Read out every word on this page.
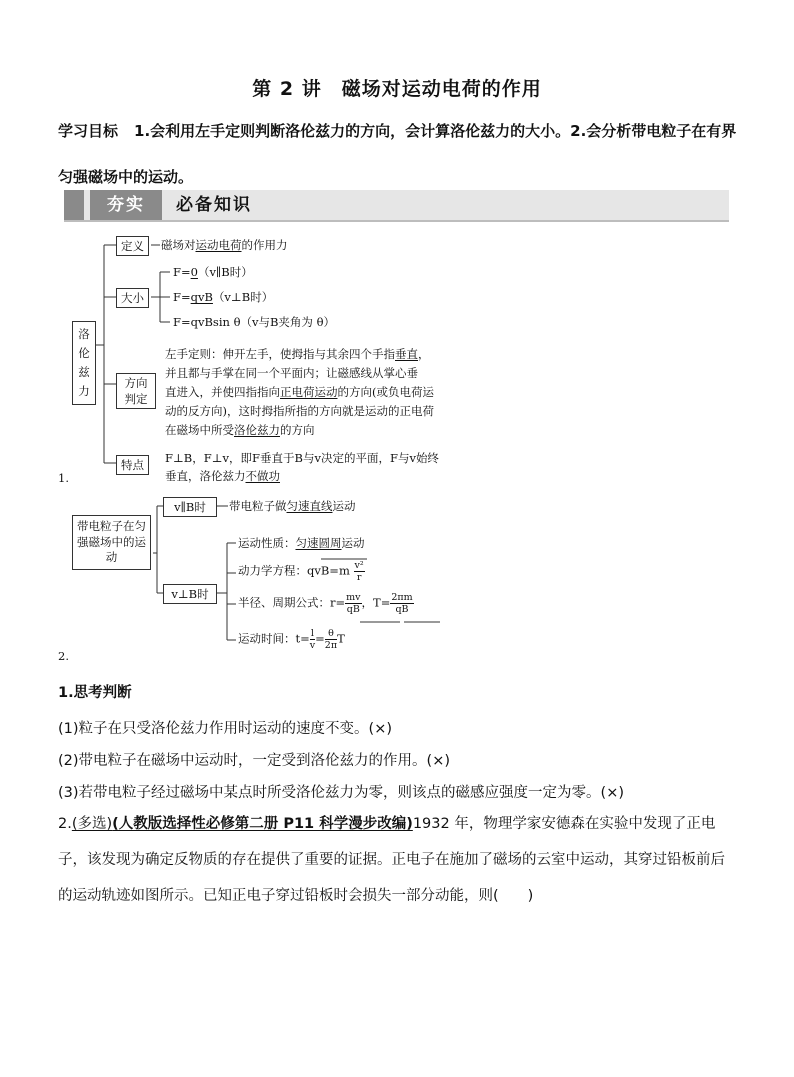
第 2 讲 磁场对运动电荷的作用
学习目标 1.会利用左手定则判断洛伦兹力的方向，会计算洛伦兹力的大小。2.会分析带电粒子在有界匀强磁场中的运动。
夯实	必备知识
1.
洛伦兹力
定义	磁场对运动电荷的作用力
大小
F=0（v∥B时）
F=qvB（v⊥B时）
F=qvBsin θ（v与B夹角为 θ）
方向判定
左手定则：伸开左手，使拇指与其余四个手指垂直，
并且都与手掌在同一个平面内；让磁感线从掌心垂
直进入，并使四指指向正电荷运动的方向(或负电荷运
动的反方向)，这时拇指所指的方向就是运动的正电荷
在磁场中所受洛伦兹力的方向
特点	F⊥B，F⊥v，即F垂直于B与v决定的平面，F与v始终
垂直，洛伦兹力不做功
带电粒子在匀强磁场中的运动
v∥B时	带电粒子做匀速直线运动
v⊥B时
运动性质：匀速圆周运动
动力学方程：$qvB=m \frac{\text{v²}}{r}$
半径、周期公式：$r= \frac{mv}{qB}$ ，$T= \frac{2\pi m}{qB}$
运动时间：$t= \frac{l}{v} = \frac{\theta}{2\pi}$ T
2.
1.思考判断
(1)粒子在只受洛伦兹力作用时运动的速度不变。(×)
(2)带电粒子在磁场中运动时，一定受到洛伦兹力的作用。(×)
(3)若带电粒子经过磁场中某点时所受洛伦兹力为零，则该点的磁感应强度一定为零。(×)
2.(多选)(人教版选择性必修第二册 P11 科学漫步改编)1932 年，物理学家安德森在实验中发现了正电子，该发现为确定反物质的存在提供了重要的证据。正电子在施加了磁场的云室中运动，其穿过铅板前后的运动轨迹如图所示。已知正电子穿过铅板时会损失一部分动能，则(　　)
